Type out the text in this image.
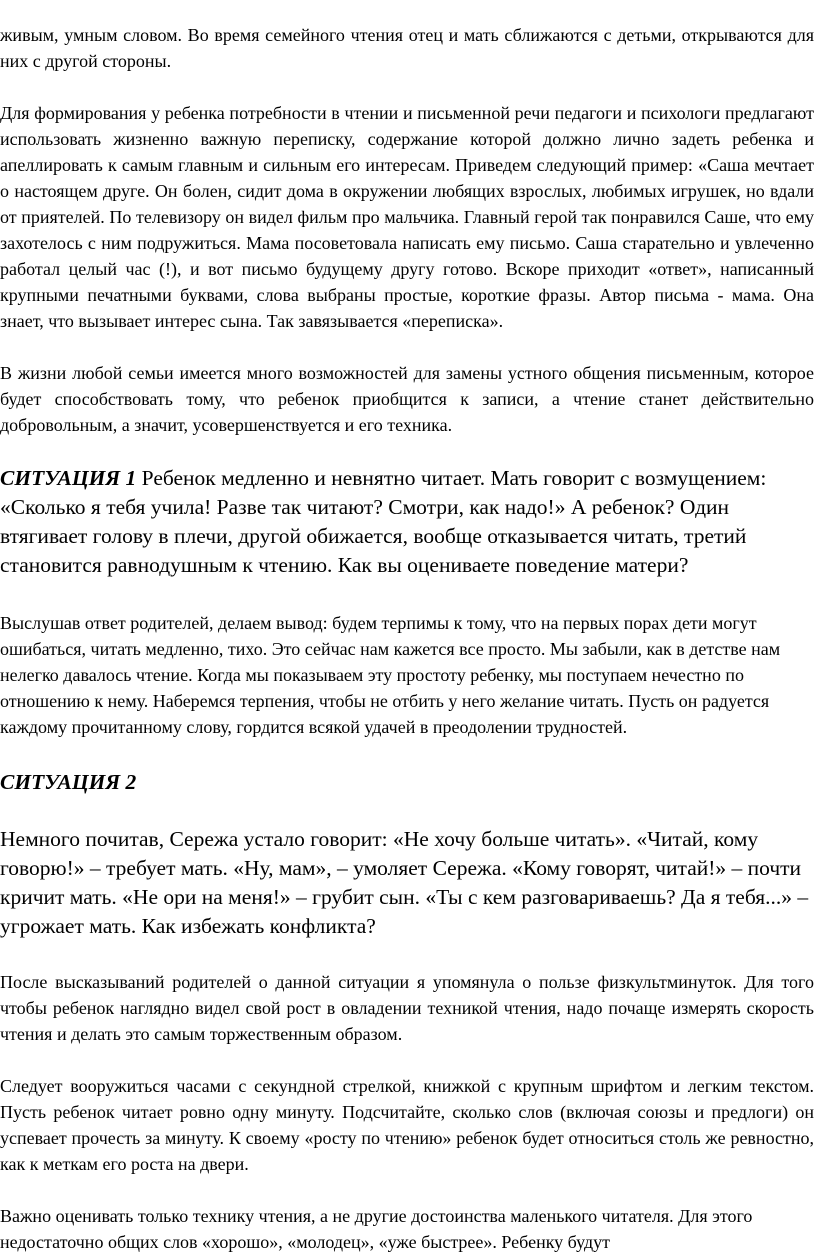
живым, умным словом. Во время семейного чтения отец и мать сближаются с детьми, открываются для них с другой стороны.

Для формирования у ребенка потребности в чтении и письменной речи педагоги и психологи предлагают использовать жизненно важную переписку, содержание которой должно лично задеть ребенка и апеллировать к самым главным и сильным его интересам. Приведем следующий пример: «Саша мечтает о настоящем друге. Он болен, сидит дома в окружении любящих взрослых, любимых игрушек, но вдали от приятелей. По телевизору он видел фильм про мальчика. Главный герой так понравился Саше, что ему захотелось с ним подружиться. Мама посоветовала написать ему письмо. Саша старательно и увлеченно работал целый час (!), и вот письмо будущему другу готово. Вскоре приходит «ответ», написанный крупными печатными буквами, слова выбраны простые, короткие фразы. Автор письма - мама. Она знает, что вызывает интерес сына. Так завязывается «переписка».

В жизни любой семьи имеется много возможностей для замены устного общения письменным, которое будет способствовать тому, что ребенок приобщится к записи, а чтение станет действительно добровольным, а значит, усовершенствуется и его техника.

СИТУАЦИЯ 1 Ребенок медленно и невнятно читает. Мать говорит с возмущением: «Сколько я тебя учила! Разве так читают? Смотри, как надо!» А ребенок? Один втягивает голову в плечи, другой обижается, вообще отказывается читать, третий становится равнодушным к чтению. Как вы оцениваете поведение матери?

Выслушав ответ родителей, делаем вывод: будем терпимы к тому, что на первых порах дети могут ошибаться, читать медленно, тихо. Это сейчас нам кажется все просто. Мы забыли, как в детстве нам нелегко давалось чтение. Когда мы показываем эту простоту ребенку, мы поступаем нечестно по отношению к нему. Наберемся терпения, чтобы не отбить у него желание читать. Пусть он радуется каждому прочитанному слову, гордится всякой удачей в преодолении трудностей.

СИТУАЦИЯ 2

Немного почитав, Сережа устало говорит: «Не хочу больше читать». «Читай, кому говорю!» – требует мать. «Ну, мам», – умоляет Сережа. «Кому говорят, читай!» – почти кричит мать. «Не ори на меня!» – грубит сын. «Ты с кем разговариваешь? Да я тебя...» – угрожает мать. Как избежать конфликта?

После высказываний родителей о данной ситуации я упомянула о пользе физкультминуток. Для того чтобы ребенок наглядно видел свой рост в овладении техникой чтения, надо почаще измерять скорость чтения и делать это самым торжественным образом.

Следует вооружиться часами с секундной стрелкой, книжкой с крупным шрифтом и легким текстом. Пусть ребенок читает ровно одну минуту. Подсчитайте, сколько слов (включая союзы и предлоги) он успевает прочесть за минуту. К своему «росту по чтению» ребенок будет относиться столь же ревностно, как к меткам его роста на двери.

Важно оценивать только технику чтения, а не другие достоинства маленького читателя. Для этого недостаточно общих слов «хорошо», «молодец», «уже быстрее». Ребенку будут
